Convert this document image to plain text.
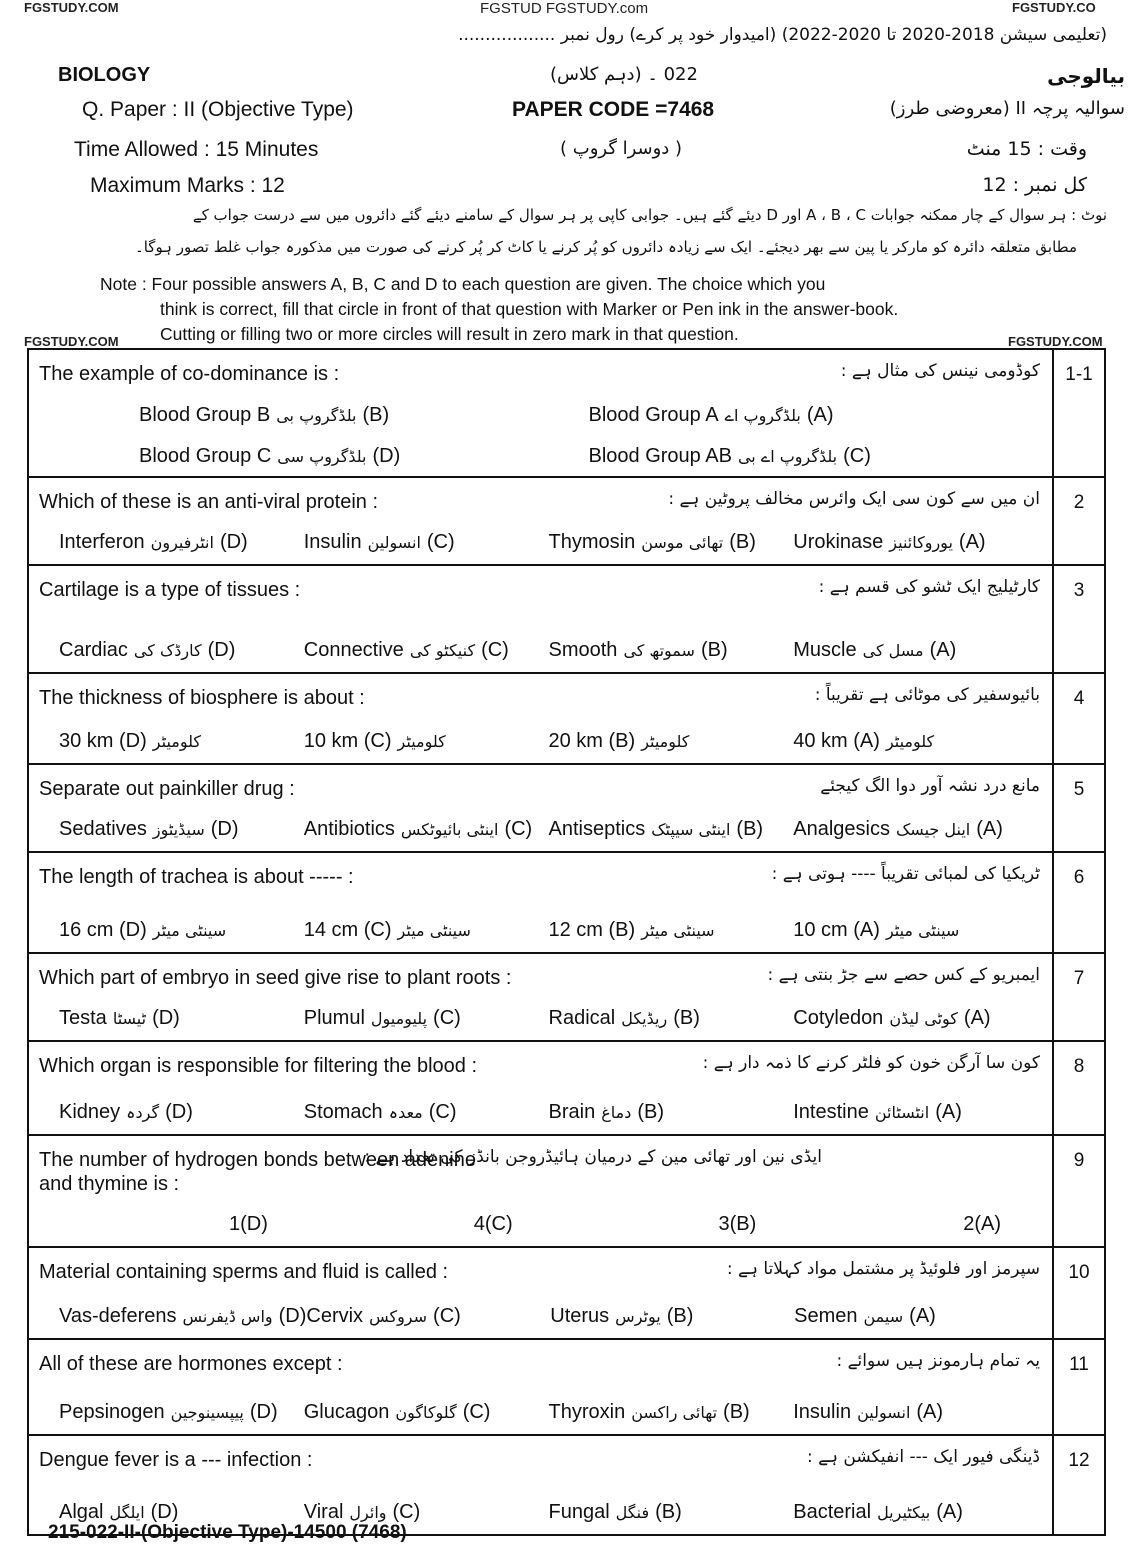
FGSTUDY.COM	FGSTUD FGSTUDY.com	FGSTUDY.CO
(تعلیمی سیشن 2018-2020 تا 2020-2022) (امیدوار خود پر کرے) رول نمبر ..................
BIOLOGY	022 ۔ (دہم کلاس)	بیالوجی
Q. Paper : II (Objective Type)	PAPER CODE =7468	سوالیہ پرچہ II (معروضی طرز)
Time Allowed : 15 Minutes	( دوسرا گروپ )	وقت : 15 منٹ
Maximum Marks : 12	کل نمبر : 12
نوٹ : ہر سوال کے چار ممکنہ جوابات A ، B ، C اور D دیئے گئے ہیں۔ جوابی کاپی پر ہر سوال کے سامنے دیئے گئے دائروں میں سے درست جواب کے
مطابق متعلقہ دائرہ کو مارکر یا پین سے بھر دیجئے۔ ایک سے زیادہ دائروں کو پُر کرنے یا کاٹ کر پُر کرنے کی صورت میں مذکورہ جواب غلط تصور ہوگا۔
Note : Four possible answers A, B, C and D to each question are given. The choice which you
think is correct, fill that circle in front of that question with Marker or Pen ink in the answer-book.
Cutting or filling two or more circles will result in zero mark in that question.
FGSTUDY.COM	FGSTUDY.COM
The example of co-dominance is :	کوڈومی نینس کی مثال ہے :
Blood Group B بلڈگروپ بی (B)	Blood Group A بلڈگروپ اے (A)
Blood Group C بلڈگروپ سی (D)	Blood Group AB بلڈگروپ اے بی (C)
1-1
Which of these is an anti-viral protein :	ان میں سے کون سی ایک وائرس مخالف پروٹین ہے :
Interferon انٹرفیرون (D)	Insulin انسولین (C)	Thymosin تھائی موسن (B)	Urokinase یوروکائنیز (A)
2
Cartilage is a type of tissues :	کارٹیلیج ایک ٹشو کی قسم ہے :
Cardiac کارڈک کی (D)	Connective کنیکٹو کی (C)	Smooth سموتھ کی (B)	Muscle مسل کی (A)
3
The thickness of biosphere is about :	بائیوسفیر کی موٹائی ہے تقریباً :
30 km (D) کلومیٹر	10 km (C) کلومیٹر	20 km (B) کلومیٹر	40 km (A) کلومیٹر
4
Separate out painkiller drug :	مانع درد نشہ آور دوا الگ کیجئے
Sedatives سیڈیٹوز (D)	Antibiotics اینٹی بائیوٹکس (C) Antiseptics اینٹی سیپٹک (B)	Analgesics اینل جیسک (A)
5
The length of trachea is about ----- :	ٹریکیا کی لمبائی تقریباً ---- ہوتی ہے :
16 cm (D) سینٹی میٹر	14 cm (C) سینٹی میٹر	12 cm (B) سینٹی میٹر	10 cm (A) سینٹی میٹر
6
Which part of embryo in seed give rise to plant roots :	ایمبریو کے کس حصے سے جڑ بنتی ہے :
Testa ٹیسٹا (D)	Plumul پلیومیول (C)	Radical ریڈیکل (B)	Cotyledon کوٹی لیڈن (A)
7
Which organ is responsible for filtering the blood :	کون سا آرگن خون کو فلٹر کرنے کا ذمہ دار ہے :
Kidney گردہ (D)	Stomach معدہ (C)	Brain دماغ (B)	Intestine انٹسٹائن (A)
8
The number of hydrogen bonds between adenine
and thymine is :
ایڈی نین اور تھائی مین کے درمیان ہائیڈروجن بانڈز کی تعداد ہے :
1(D)	4(C)	3(B)	2(A)
9
Material containing sperms and fluid is called :	سپرمز اور فلوئیڈ پر مشتمل مواد کہلاتا ہے :
Vas-deferens واس ڈیفرنس (D) Cervix سروکس (C)	Uterus یوٹرس (B)	Semen سیمن (A)
10
All of these are hormones except :	یہ تمام ہارمونز ہیں سوائے :
Pepsinogen پیپسینوجین (D)	Glucagon گلوکاگون (C)	Thyroxin تھائی راکسن (B)	Insulin انسولین (A)
11
Dengue fever is a --- infection :	ڈینگی فیور ایک --- انفیکشن ہے :
Algal ایلگل (D)	Viral وائرل (C)	Fungal فنگل (B)	Bacterial بیکٹیریل (A)
12
215-022-II-(Objective Type)-14500 (7468)
